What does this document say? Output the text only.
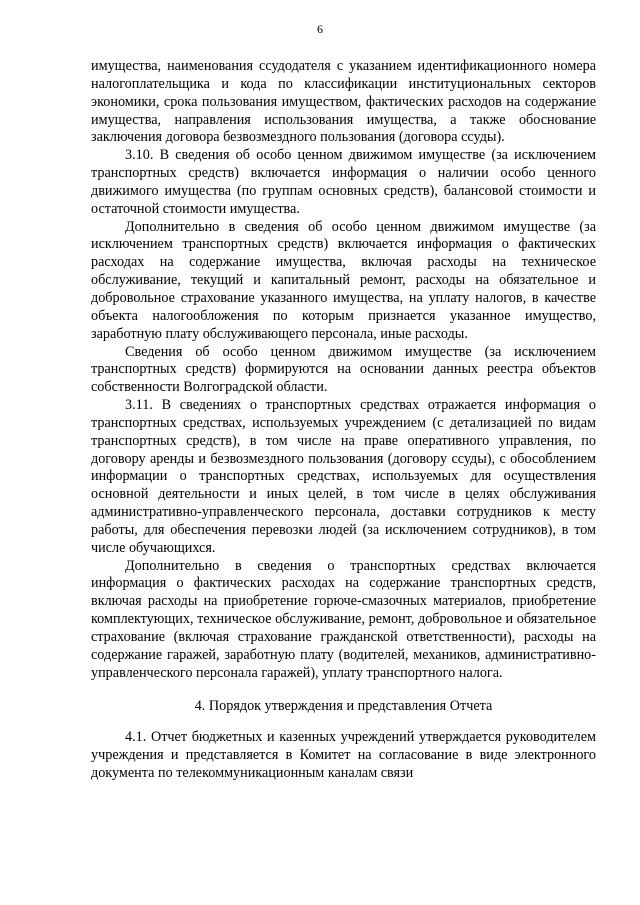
6

имущества, наименования ссудодателя с указанием идентификационного номера налогоплательщика и кода по классификации институциональных секторов экономики, срока пользования имуществом, фактических расходов на содержание имущества, направления использования имущества, а также обоснование заключения договора безвозмездного пользования (договора ссуды).

3.10. В сведения об особо ценном движимом имуществе (за исключением транспортных средств) включается информация о наличии особо ценного движимого имущества (по группам основных средств), балансовой стоимости и остаточной стоимости имущества.

Дополнительно в сведения об особо ценном движимом имуществе (за исключением транспортных средств) включается информация о фактических расходах на содержание имущества, включая расходы на техническое обслуживание, текущий и капитальный ремонт, расходы на обязательное и добровольное страхование указанного имущества, на уплату налогов, в качестве объекта налогообложения по которым признается указанное имущество, заработную плату обслуживающего персонала, иные расходы.

Сведения об особо ценном движимом имуществе (за исключением транспортных средств) формируются на основании данных реестра объектов собственности Волгоградской области.

3.11. В сведениях о транспортных средствах отражается информация о транспортных средствах, используемых учреждением (с детализацией по видам транспортных средств), в том числе на праве оперативного управления, по договору аренды и безвозмездного пользования (договору ссуды), с обособлением информации о транспортных средствах, используемых для осуществления основной деятельности и иных целей, в том числе в целях обслуживания административно-управленческого персонала, доставки сотрудников к месту работы, для обеспечения перевозки людей (за исключением сотрудников), в том числе обучающихся.

Дополнительно в сведения о транспортных средствах включается информация о фактических расходах на содержание транспортных средств, включая расходы на приобретение горюче-смазочных материалов, приобретение комплектующих, техническое обслуживание, ремонт, добровольное и обязательное страхование (включая страхование гражданской ответственности), расходы на содержание гаражей, заработную плату (водителей, механиков, административно-управленческого персонала гаражей), уплату транспортного налога.

4. Порядок утверждения и представления Отчета

4.1. Отчет бюджетных и казенных учреждений утверждается руководителем учреждения и представляется в Комитет на согласование в виде электронного документа по телекоммуникационным каналам связи
